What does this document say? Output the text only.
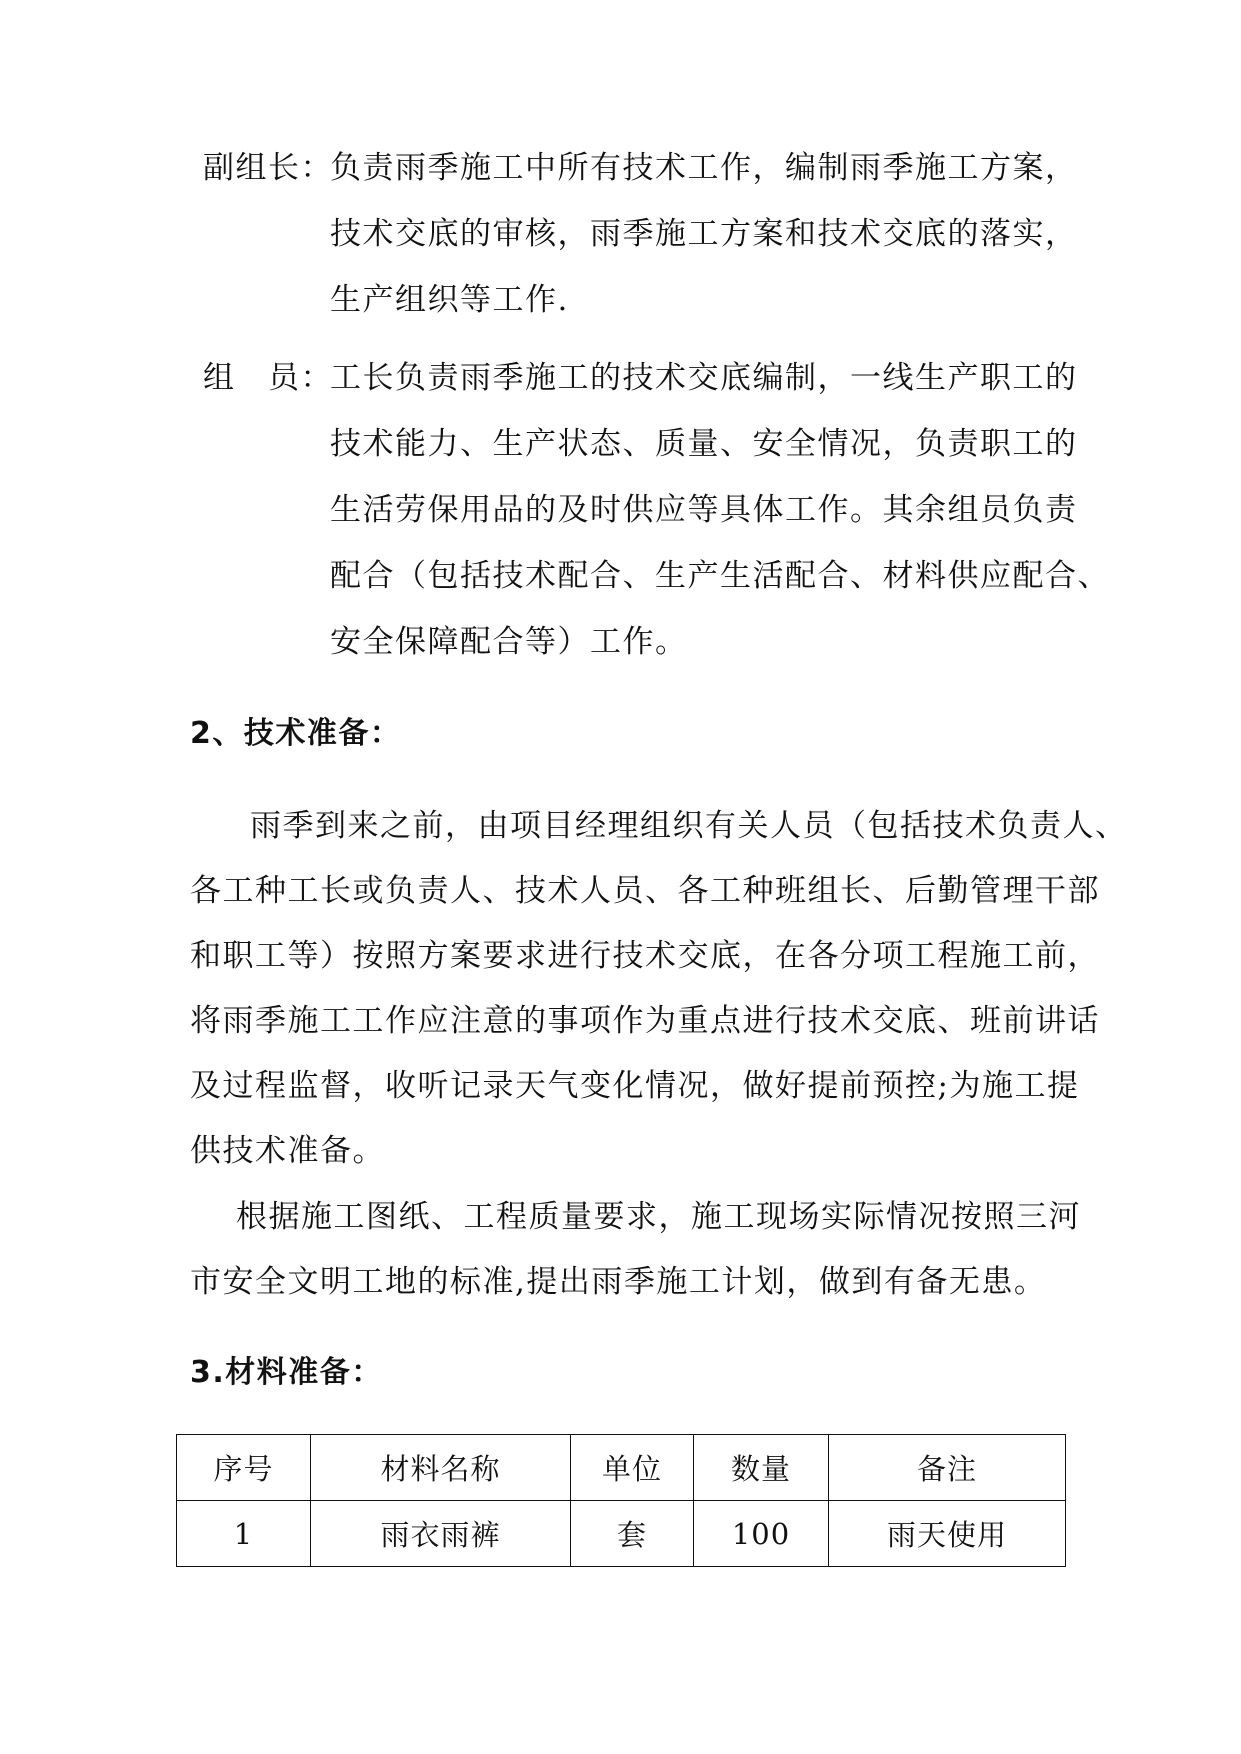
副组长：
负责雨季施工中所有技术工作，编制雨季施工方案，
技术交底的审核，雨季施工方案和技术交底的落实，
生产组织等工作.
组　员：
工长负责雨季施工的技术交底编制，一线生产职工的
技术能力、生产状态、质量、安全情况，负责职工的
生活劳保用品的及时供应等具体工作。其余组员负责
配合（包括技术配合、生产生活配合、材料供应配合、
安全保障配合等）工作。
2、技术准备：
雨季到来之前，由项目经理组织有关人员（包括技术负责人、
各工种工长或负责人、技术人员、各工种班组长、后勤管理干部
和职工等）按照方案要求进行技术交底，在各分项工程施工前，
将雨季施工工作应注意的事项作为重点进行技术交底、班前讲话
及过程监督，收听记录天气变化情况，做好提前预控;为施工提
供技术准备。
根据施工图纸、工程质量要求，施工现场实际情况按照三河
市安全文明工地的标准,提出雨季施工计划，做到有备无患。
3.材料准备：
序号	材料名称	单位	数量	备注
1	雨衣雨裤	套	100	雨天使用
